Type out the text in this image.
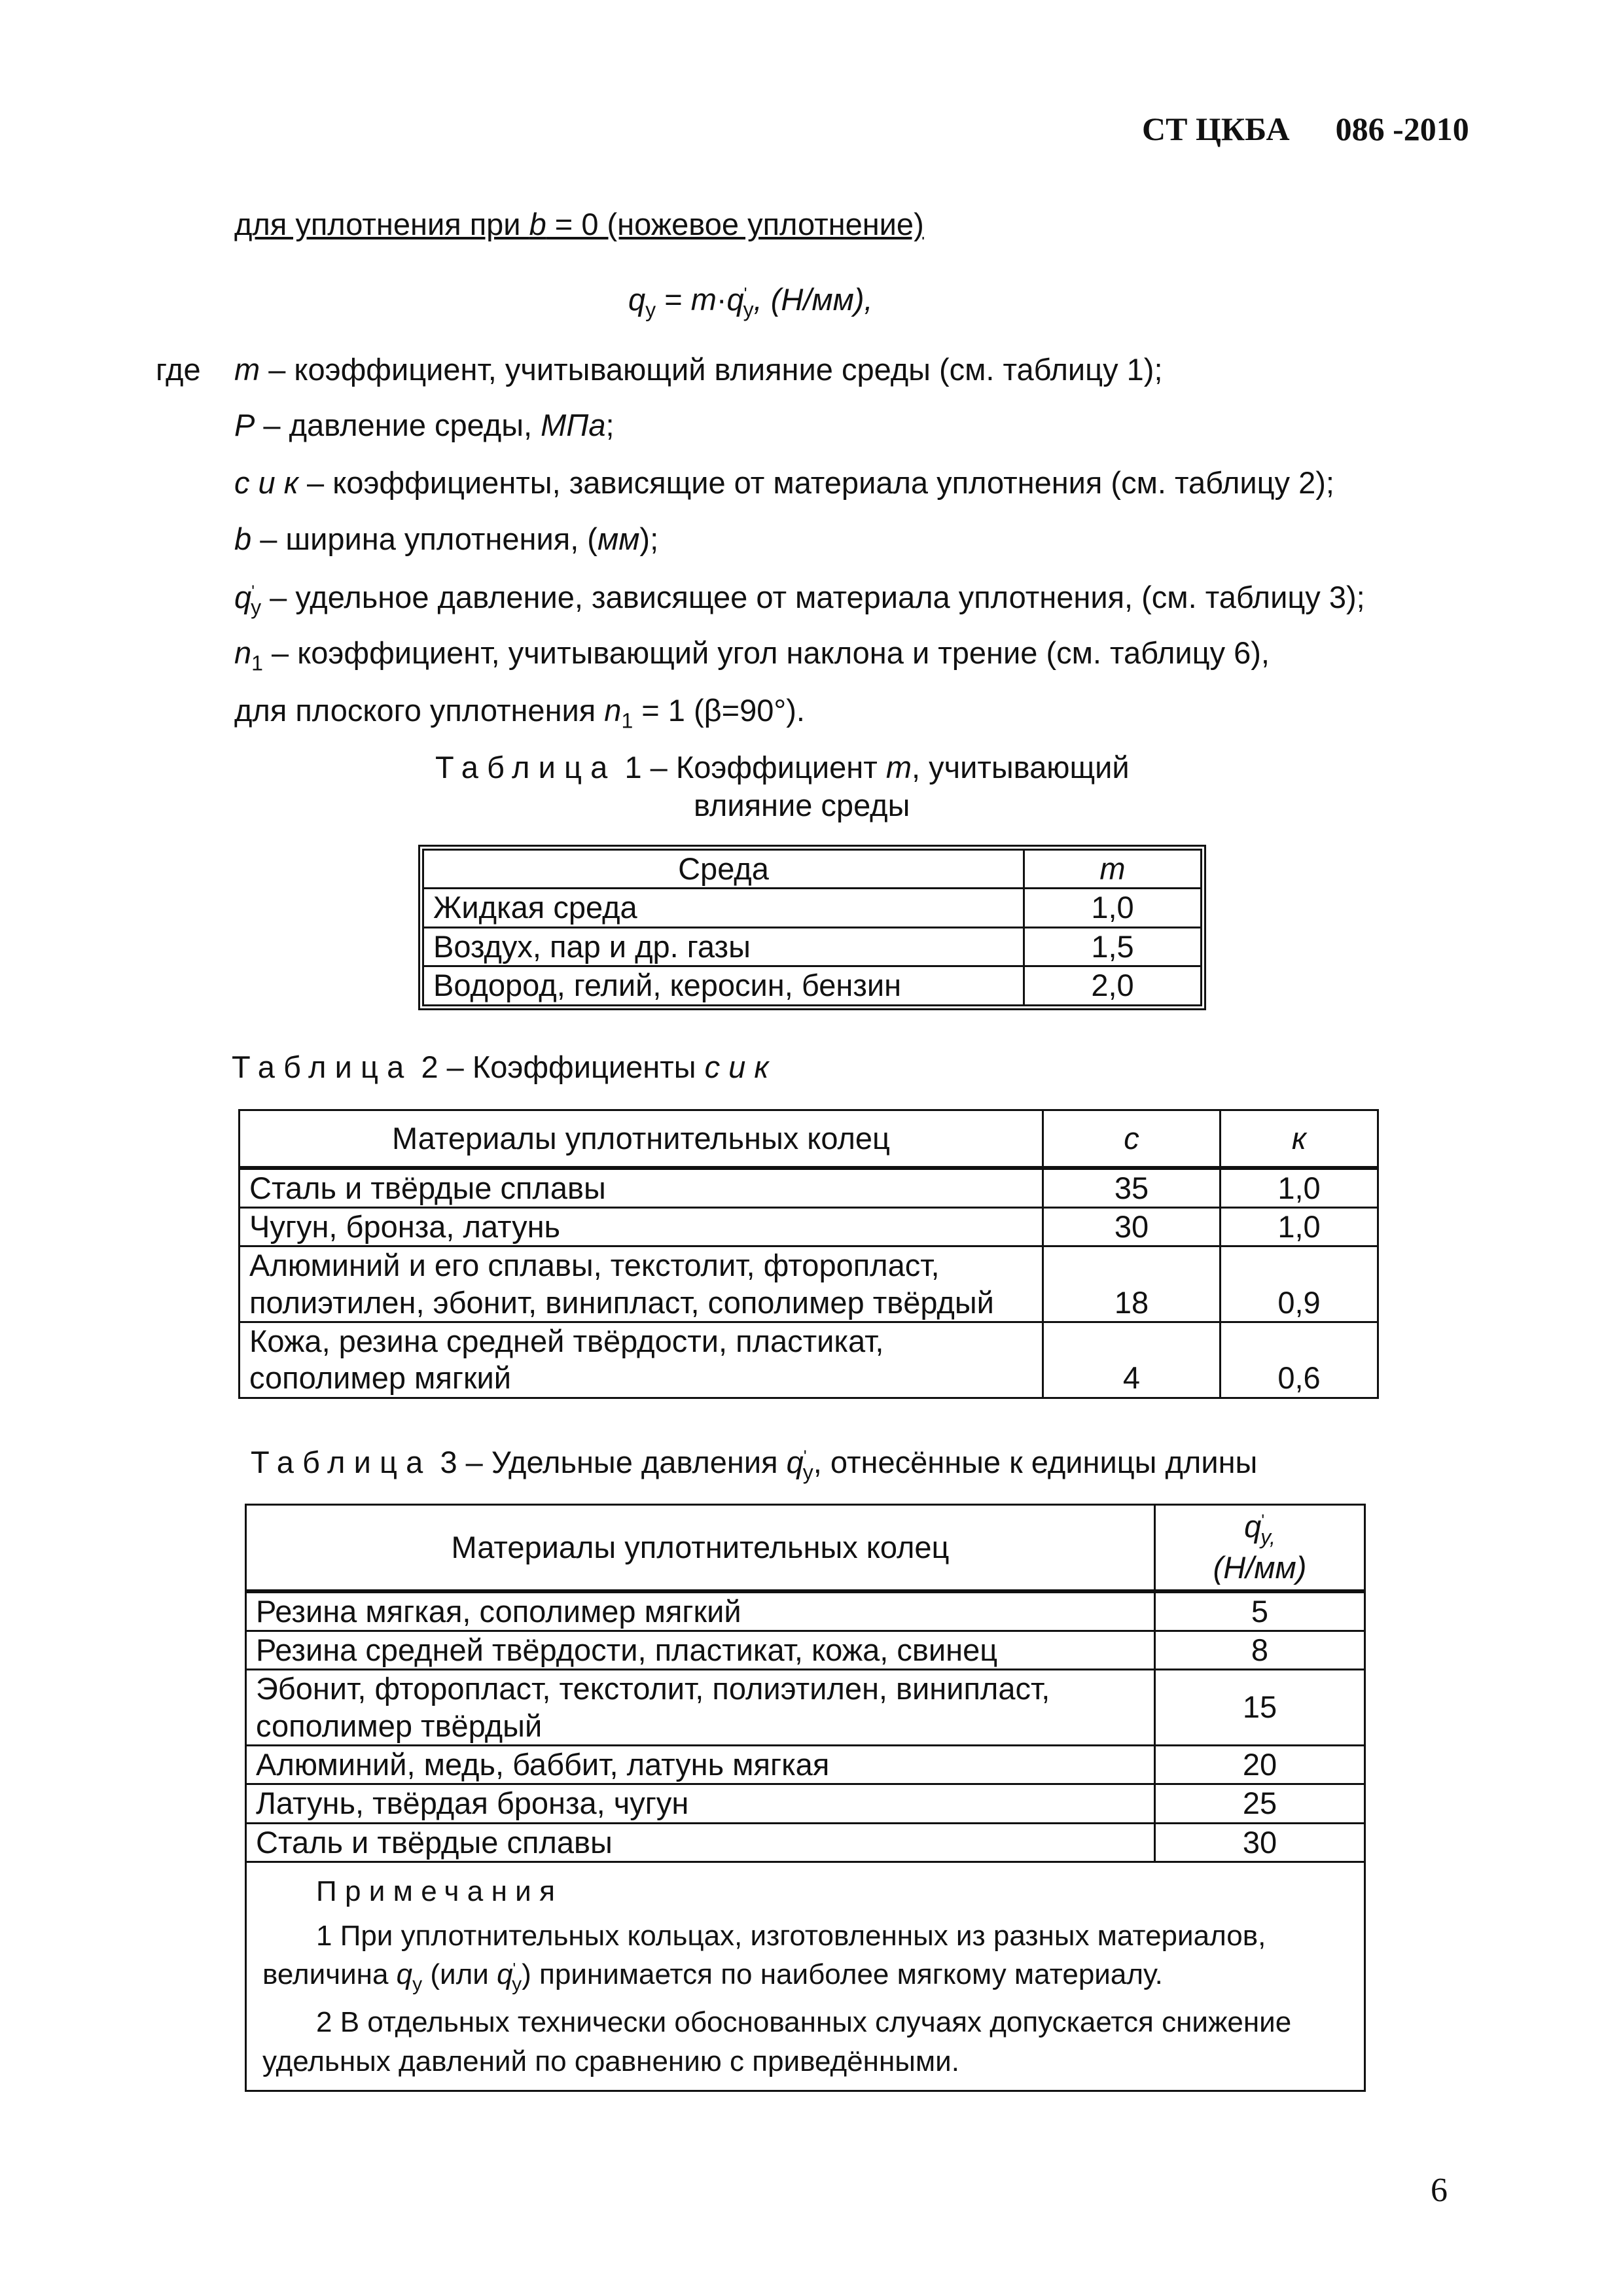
СТ ЦКБА 086 -2010
для уплотнения при b = 0 (ножевое уплотнение)
$q_у = m\cdot q'_у$, (Н/мм),
где m – коэффициент, учитывающий влияние среды (см. таблицу 1);
P – давление среды, МПа;
с и к – коэффициенты, зависящие от материала уплотнения (см. таблицу 2);
b – ширина уплотнения, (мм);
$q'_у$ – удельное давление, зависящее от материала уплотнения, (см. таблицу 3);
$n_1$ – коэффициент, учитывающий угол наклона и трение (см. таблицу 6),
для плоского уплотнения $n_1 = 1$ (β=90°).
Таблица 1 – Коэффициент m, учитывающий
влияние среды
Среда	m
Жидкая среда	1,0
Воздух, пар и др. газы	1,5
Водород, гелий, керосин, бензин	2,0
Таблица 2 – Коэффициенты с и к
Материалы уплотнительных колец	с	к
Сталь и твёрдые сплавы	35	1,0
Чугун, бронза, латунь	30	1,0

Алюминий и его сплавы, текстолит, фторопласт,
полиэтилен, эбонит, винипласт, сополимер твёрдый	18	0,9

Кожа, резина средней твёрдости, пластикат,
сополимер мягкий	4	0,6
Таблица 3 – Удельные давления $q'_у$, отнесённые к единицы длины
Материалы уплотнительных колец	$q'_{у,}$
(Н/мм)

Резина мягкая, сополимер мягкий	5
Резина средней твёрдости, пластикат, кожа, свинец	8

Эбонит, фторопласт, текстолит, полиэтилен, винипласт,
сополимер твёрдый	15
Алюминий, медь, баббит, латунь мягкая	20
Латунь, твёрдая бронза, чугун	25
Сталь и твёрдые сплавы	30

Примечания

1 При уплотнительных кольцах, изготовленных из разных материалов, величина $q_у$ (или $q'_у$) принимается по наиболее мягкому материалу.

2 В отдельных технически обоснованных случаях допускается снижение удельных давлений по сравнению с приведёнными.	

6
